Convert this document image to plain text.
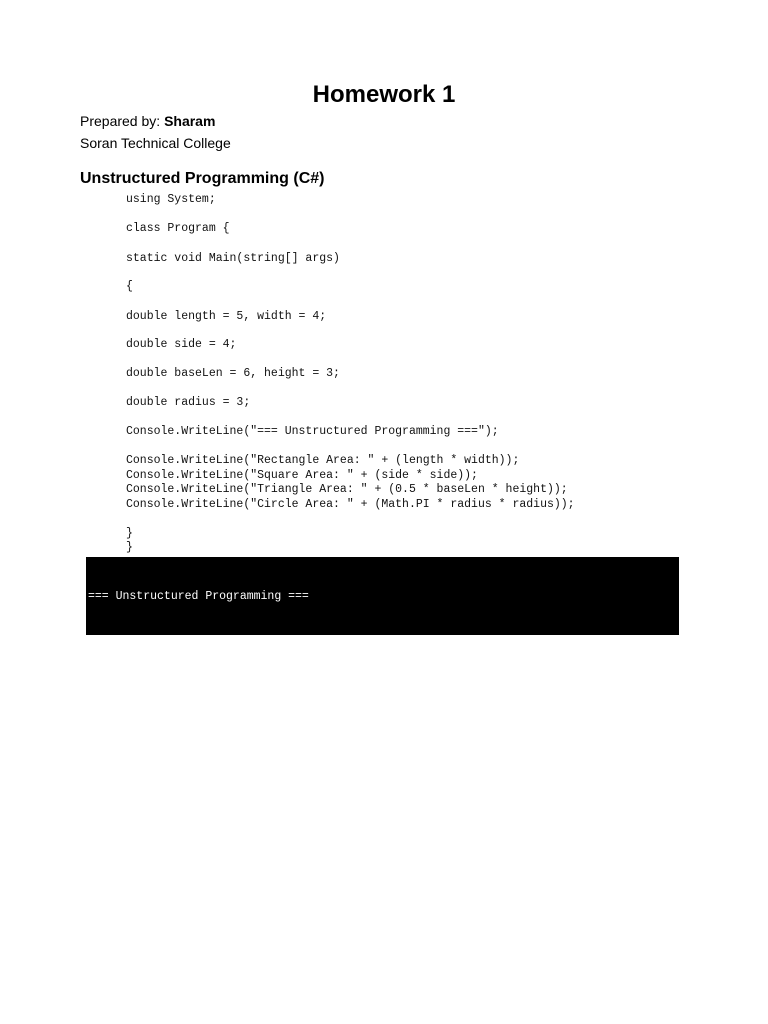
Homework 1
Prepared by: Sharam
Soran Technical College
Unstructured Programming (C#)
using System;
class Program {
static void Main(string[] args)
{
double length = 5, width = 4;
double side = 4;
double baseLen = 6, height = 3;
double radius = 3;
Console.WriteLine("=== Unstructured Programming ===");
Console.WriteLine("Rectangle Area: " + (length * width));
Console.WriteLine("Square Area: " + (side * side));
Console.WriteLine("Triangle Area: " + (0.5 * baseLen * height));
Console.WriteLine("Circle Area: " + (Math.PI * radius * radius));
}
}

=== Unstructured Programming ===

Rectangle Area: 20

Square Area: 16

Triangle Area: 9

Circle Area: 28.27
